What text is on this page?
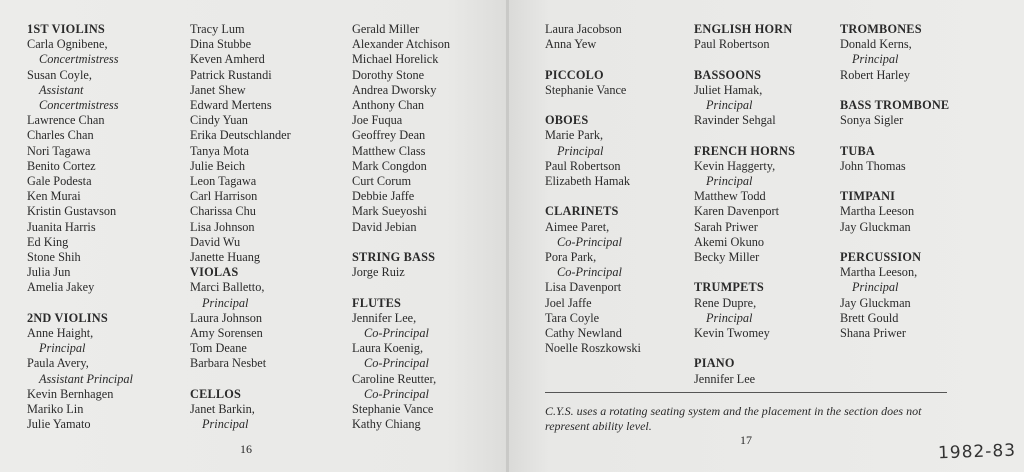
1ST VIOLINS
Carla Ognibene,
Concertmistress
Susan Coyle,
Assistant
Concertmistress
Lawrence Chan
Charles Chan
Nori Tagawa
Benito Cortez
Gale Podesta
Ken Murai
Kristin Gustavson
Juanita Harris
Ed King
Stone Shih
Julia Jun
Amelia Jakey
2ND VIOLINS
Anne Haight,
Principal
Paula Avery,
Assistant Principal
Kevin Bernhagen
Mariko Lin
Julie Yamato
Tracy Lum
Dina Stubbe
Keven Amherd
Patrick Rustandi
Janet Shew
Edward Mertens
Cindy Yuan
Erika Deutschlander
Tanya Mota
Julie Beich
Leon Tagawa
Carl Harrison
Charissa Chu
Lisa Johnson
David Wu
Janette Huang
VIOLAS
Marci Balletto,
Principal
Laura Johnson
Amy Sorensen
Tom Deane
Barbara Nesbet
CELLOS
Janet Barkin,
Principal
Gerald Miller
Alexander Atchison
Michael Horelick
Dorothy Stone
Andrea Dworsky
Anthony Chan
Joe Fuqua
Geoffrey Dean
Matthew Class
Mark Congdon
Curt Corum
Debbie Jaffe
Mark Sueyoshi
David Jebian
STRING BASS
Jorge Ruiz
FLUTES
Jennifer Lee,
Co-Principal
Laura Koenig,
Co-Principal
Caroline Reutter,
Co-Principal
Stephanie Vance
Kathy Chiang
Laura Jacobson
Anna Yew
PICCOLO
Stephanie Vance
OBOES
Marie Park,
Principal
Paul Robertson
Elizabeth Hamak
CLARINETS
Aimee Paret,
Co-Principal
Pora Park,
Co-Principal
Lisa Davenport
Joel Jaffe
Tara Coyle
Cathy Newland
Noelle Roszkowski
ENGLISH HORN
Paul Robertson
BASSOONS
Juliet Hamak,
Principal
Ravinder Sehgal
FRENCH HORNS
Kevin Haggerty,
Principal
Matthew Todd
Karen Davenport
Sarah Priwer
Akemi Okuno
Becky Miller
TRUMPETS
Rene Dupre,
Principal
Kevin Twomey
PIANO
Jennifer Lee
TROMBONES
Donald Kerns,
Principal
Robert Harley
BASS TROMBONE
Sonya Sigler
TUBA
John Thomas
TIMPANI
Martha Leeson
Jay Gluckman
PERCUSSION
Martha Leeson,
Principal
Jay Gluckman
Brett Gould
Shana Priwer
16
17
C.Y.S. uses a rotating seating system and the placement in the section does not represent ability level.
1982-83
